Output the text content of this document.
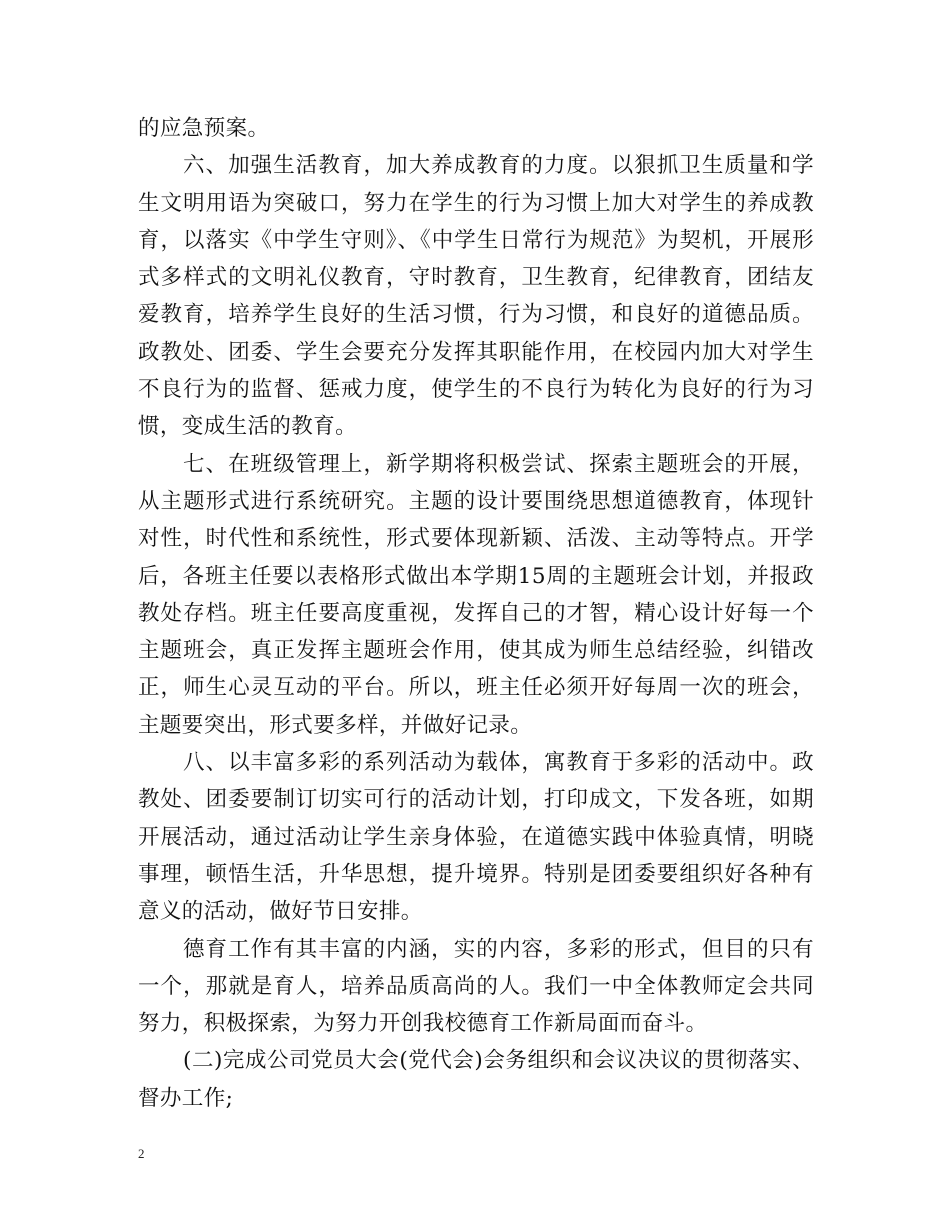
的应急预案。

六、加强生活教育，加大养成教育的力度。以狠抓卫生质量和学生文明用语为突破口，努力在学生的行为习惯上加大对学生的养成教育，以落实《中学生守则》、《中学生日常行为规范》为契机，开展形式多样式的文明礼仪教育，守时教育，卫生教育，纪律教育，团结友爱教育，培养学生良好的生活习惯，行为习惯，和良好的道德品质。政教处、团委、学生会要充分发挥其职能作用，在校园内加大对学生不良行为的监督、惩戒力度，使学生的不良行为转化为良好的行为习惯，变成生活的教育。

七、在班级管理上，新学期将积极尝试、探索主题班会的开展，从主题形式进行系统研究。主题的设计要围绕思想道德教育，体现针对性，时代性和系统性，形式要体现新颖、活泼、主动等特点。开学后，各班主任要以表格形式做出本学期15周的主题班会计划，并报政教处存档。班主任要高度重视，发挥自己的才智，精心设计好每一个主题班会，真正发挥主题班会作用，使其成为师生总结经验，纠错改正，师生心灵互动的平台。所以，班主任必须开好每周一次的班会，主题要突出，形式要多样，并做好记录。

八、以丰富多彩的系列活动为载体，寓教育于多彩的活动中。政教处、团委要制订切实可行的活动计划，打印成文，下发各班，如期开展活动，通过活动让学生亲身体验，在道德实践中体验真情，明晓事理，顿悟生活，升华思想，提升境界。特别是团委要组织好各种有意义的活动，做好节日安排。

德育工作有其丰富的内涵，实的内容，多彩的形式，但目的只有一个，那就是育人，培养品质高尚的人。我们一中全体教师定会共同努力，积极探索，为努力开创我校德育工作新局面而奋斗。

(二)完成公司党员大会(党代会)会务组织和会议决议的贯彻落实、督办工作;

2
